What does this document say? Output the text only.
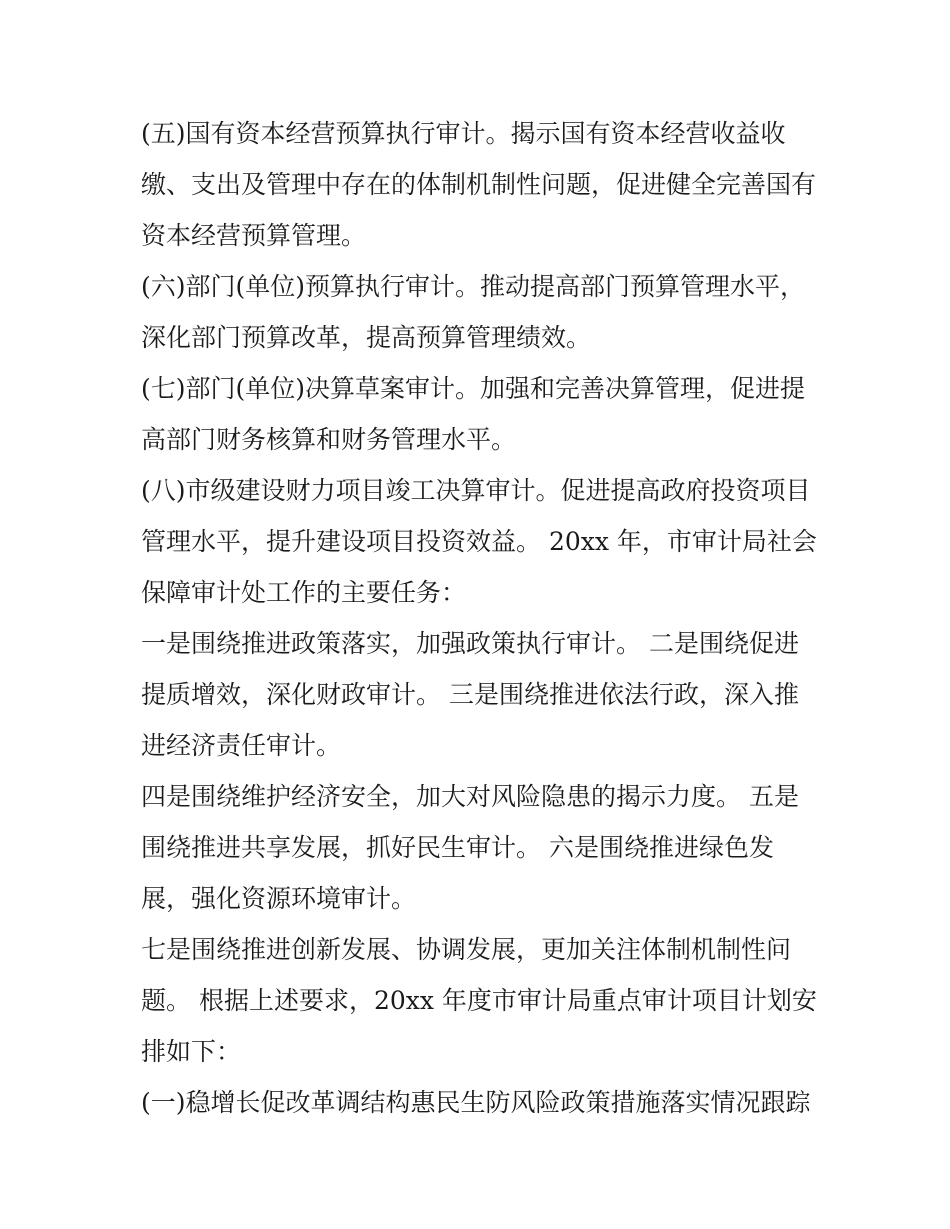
(五)国有资本经营预算执行审计。揭示国有资本经营收益收
缴、支出及管理中存在的体制机制性问题，促进健全完善国有
资本经营预算管理。
(六)部门(单位)预算执行审计。推动提高部门预算管理水平，
深化部门预算改革，提高预算管理绩效。
(七)部门(单位)决算草案审计。加强和完善决算管理，促进提
高部门财务核算和财务管理水平。
(八)市级建设财力项目竣工决算审计。促进提高政府投资项目
管理水平，提升建设项目投资效益。 20xx 年，市审计局社会
保障审计处工作的主要任务：
一是围绕推进政策落实，加强政策执行审计。 二是围绕促进
提质增效，深化财政审计。 三是围绕推进依法行政，深入推
进经济责任审计。
四是围绕维护经济安全，加大对风险隐患的揭示力度。 五是
围绕推进共享发展，抓好民生审计。 六是围绕推进绿色发
展，强化资源环境审计。
七是围绕推进创新发展、协调发展，更加关注体制机制性问
题。 根据上述要求，20xx 年度市审计局重点审计项目计划安
排如下：
(一)稳增长促改革调结构惠民生防风险政策措施落实情况跟踪
